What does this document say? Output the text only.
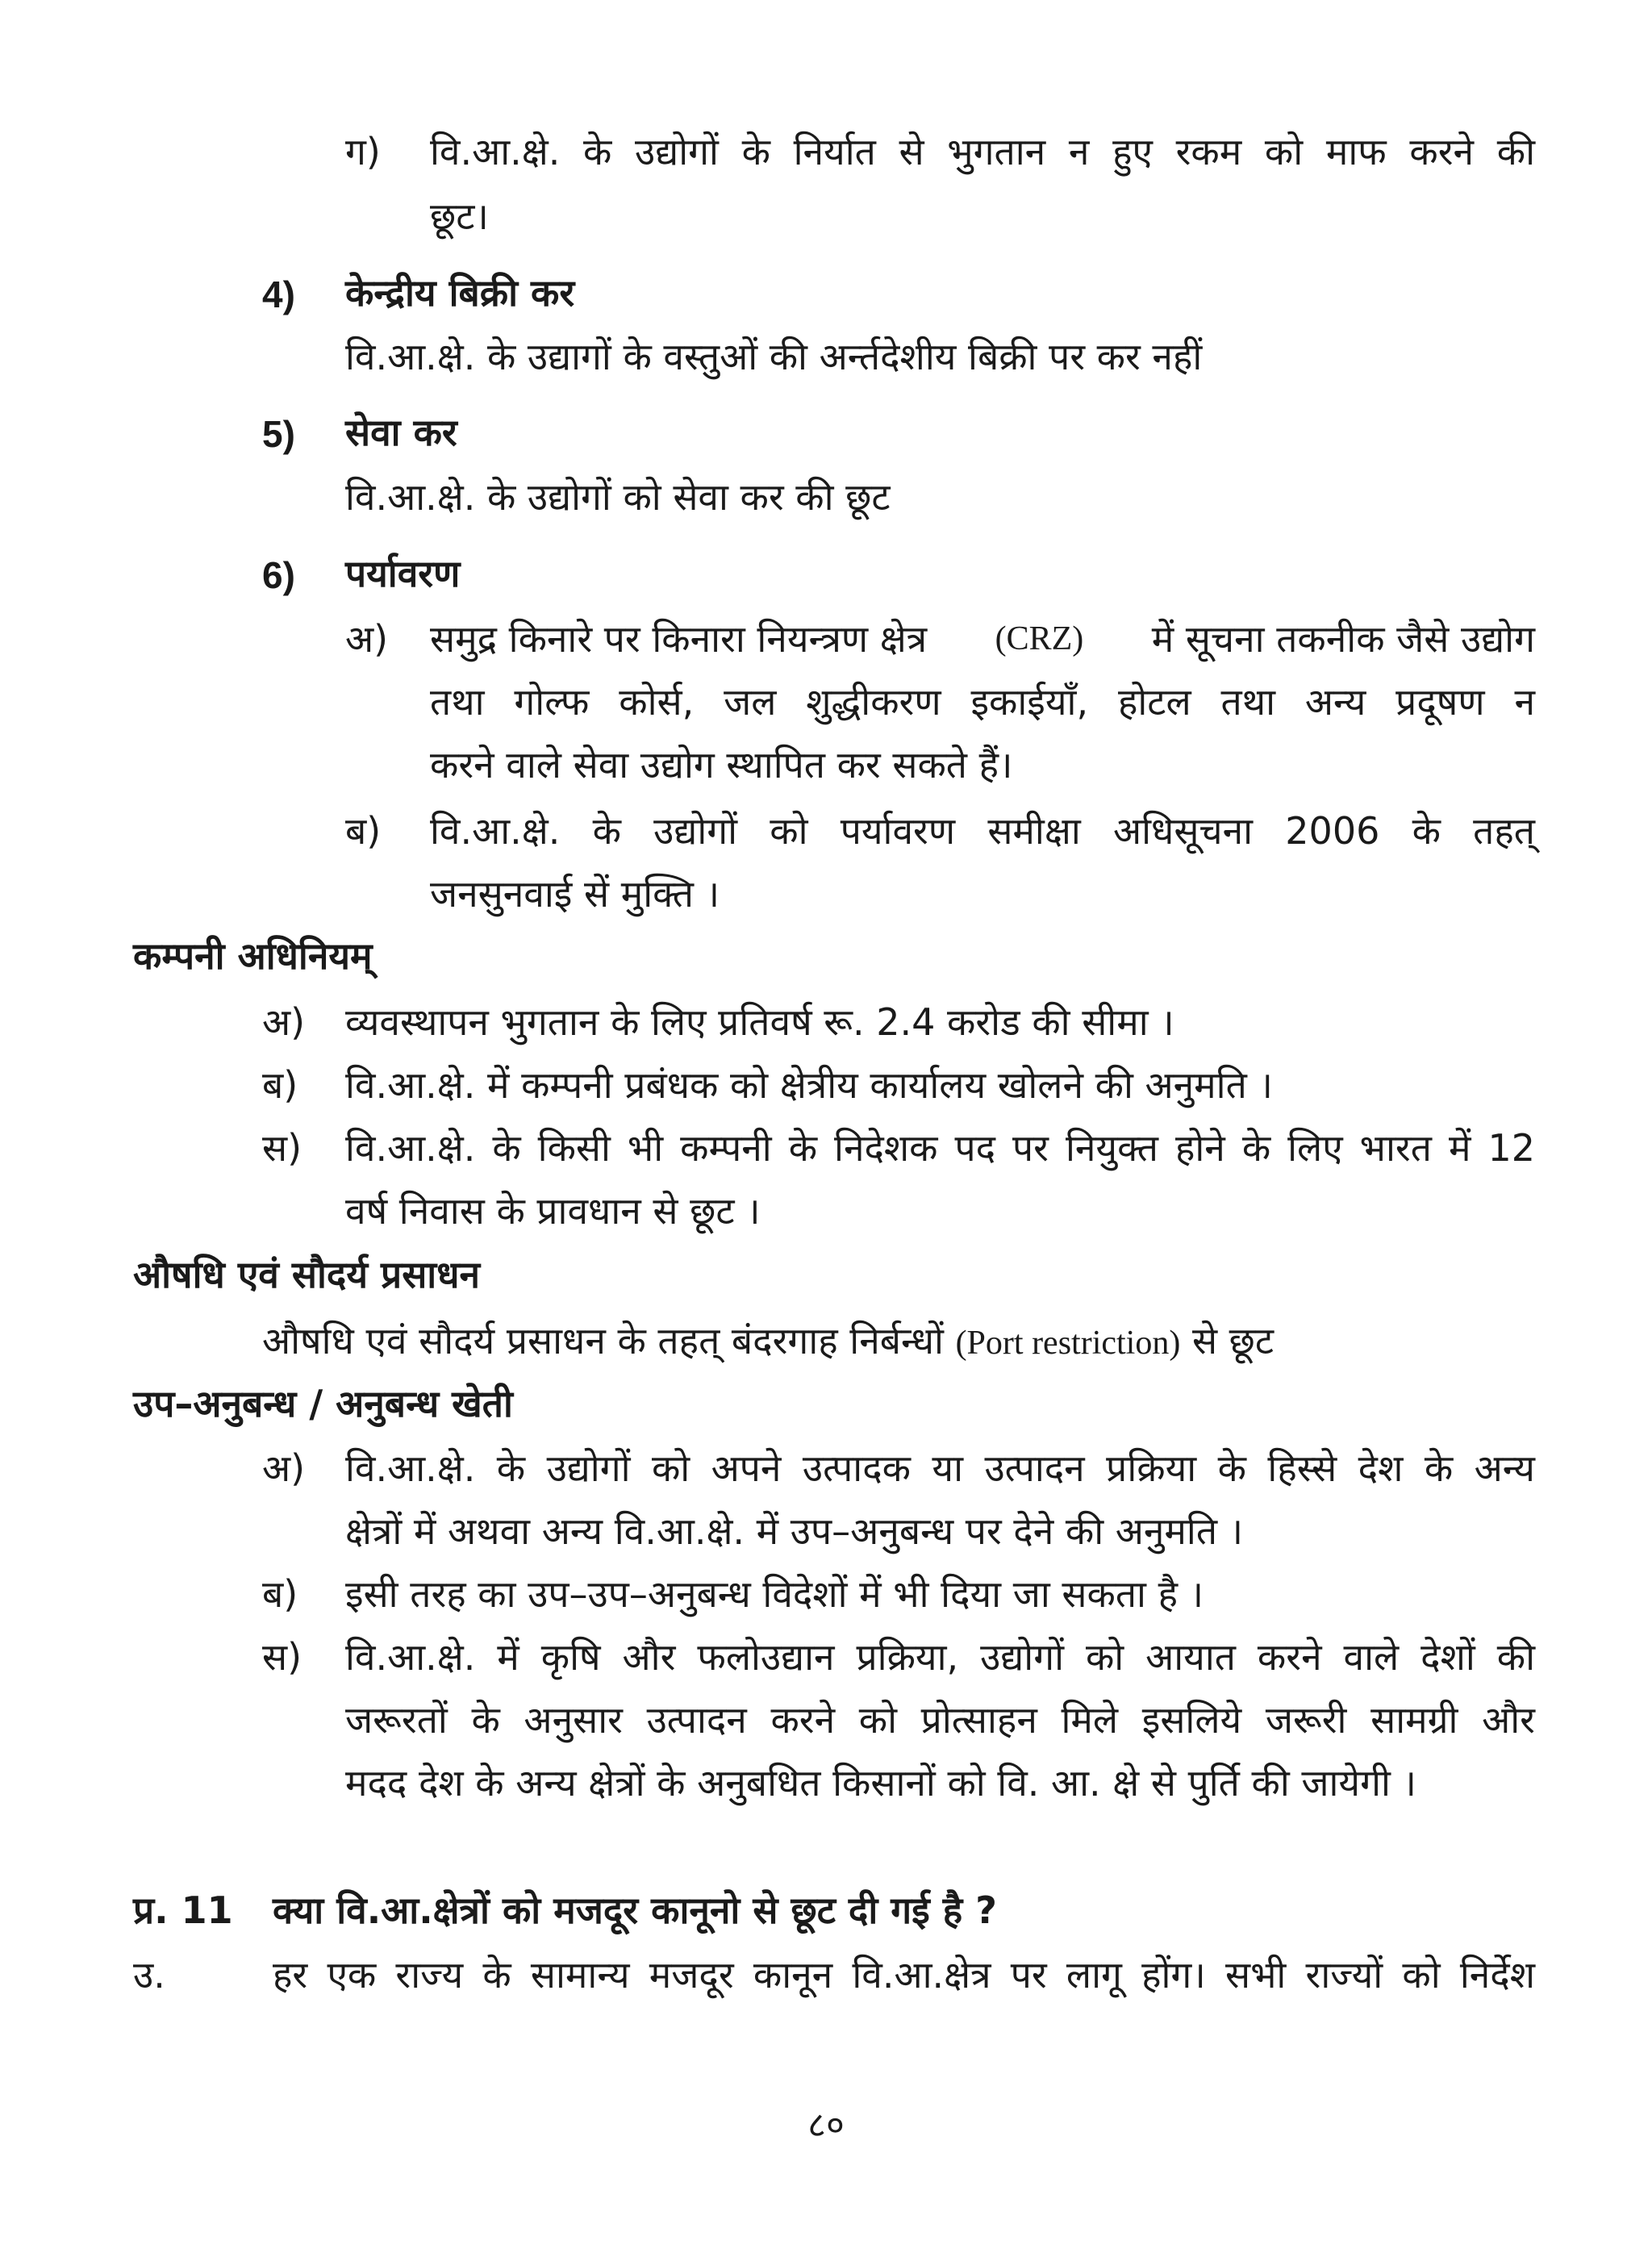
ग) वि.आ.क्षे. के उद्योगों के निर्यात से भुगतान न हुए रकम को माफ करने की
छूट।
4) केन्द्रीय बिक्री कर
वि.आ.क्षे. के उद्यागों के वस्तुओं की अर्न्तदेशीय बिक्री पर कर नहीं
5) सेवा कर
वि.आ.क्षे. के उद्योगों को सेवा कर की छूट
6) पर्यावरण
अ) समुद्र किनारे पर किनारा नियन्त्रण क्षेत्र (CRZ) में सूचना तकनीक जैसे उद्योग
तथा गोल्फ कोर्स, जल शुद्धीकरण इकाईयाँ, होटल तथा अन्य प्रदूषण न
करने वाले सेवा उद्योग स्थापित कर सकते हैं।
ब) वि.आ.क्षे. के उद्योगों को पर्यावरण समीक्षा अधिसूचना 2006 के तहत्
जनसुनवाई सें मुक्ति ।
कम्पनी अधिनियम्
अ) व्यवस्थापन भुगतान के लिए प्रतिवर्ष रू. 2.4 करोड की सीमा ।
ब) वि.आ.क्षे. में कम्पनी प्रबंधक को क्षेत्रीय कार्यालय खोलने की अनुमति ।
स) वि.आ.क्षे. के किसी भी कम्पनी के निदेशक पद पर नियुक्त होने के लिए भारत में 12
वर्ष निवास के प्रावधान से छूट ।
औषधि एवं सौदर्य प्रसाधन
औषधि एवं सौदर्य प्रसाधन के तहत् बंदरगाह निर्बन्धों (Port restriction) से छूट
उप–अनुबन्ध / अनुबन्ध खेती
अ) वि.आ.क्षे. के उद्योगों को अपने उत्पादक या उत्पादन प्रक्रिया के हिस्से देश के अन्य
क्षेत्रों में अथवा अन्य वि.आ.क्षे. में उप–अनुबन्ध पर देने की अनुमति ।
ब) इसी तरह का उप–उप–अनुबन्ध विदेशों में भी दिया जा सकता है ।
स) वि.आ.क्षे. में कृषि और फलोउद्यान प्रक्रिया, उद्योगों को आयात करने वाले देशों की
जरूरतों के अनुसार उत्पादन करने को प्रोत्साहन मिले इसलिये जरूरी सामग्री और
मदद देश के अन्य क्षेत्रों के अनुबधित किसानों को वि. आ. क्षे से पुर्ति की जायेगी ।
प्र. 11 क्या वि.आ.क्षेत्रों को मजदूर कानूनो से छूट दी गई है ?
उ.	हर एक राज्य के सामान्य मजदूर कानून वि.आ.क्षेत्र पर लागू होंग। सभी राज्यों को निर्देश
८०
